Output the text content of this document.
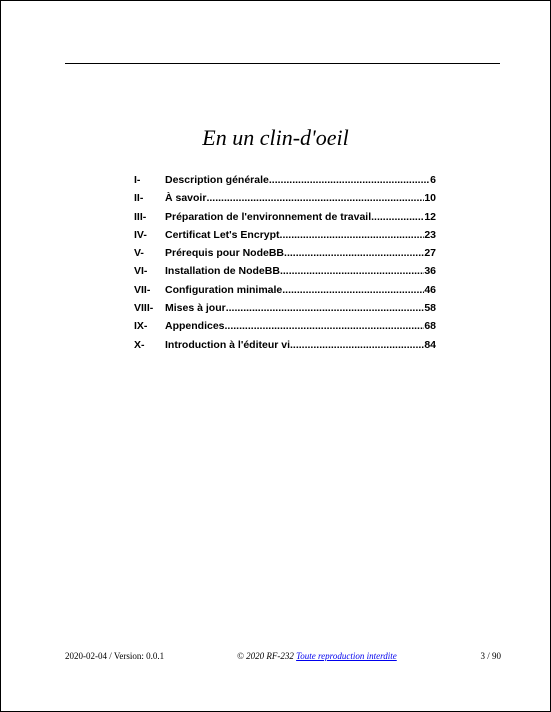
En un clin-d'oeil
I-	Description générale .....	6
II-	À savoir .....	10
III-	Préparation de l'environnement de travail .....	12
IV-	Certificat Let's Encrypt .....	23
V-	Prérequis pour NodeBB .....	27
VI-	Installation de NodeBB .....	36
VII-	Configuration minimale .....	46
VIII-	Mises à jour .....	58
IX-	Appendices .....	68
X-	Introduction à l'éditeur vi .....	84
2020-02-04 / Version: 0.0.1	© 2020 RF-232 Toute reproduction interdite	3 / 90
